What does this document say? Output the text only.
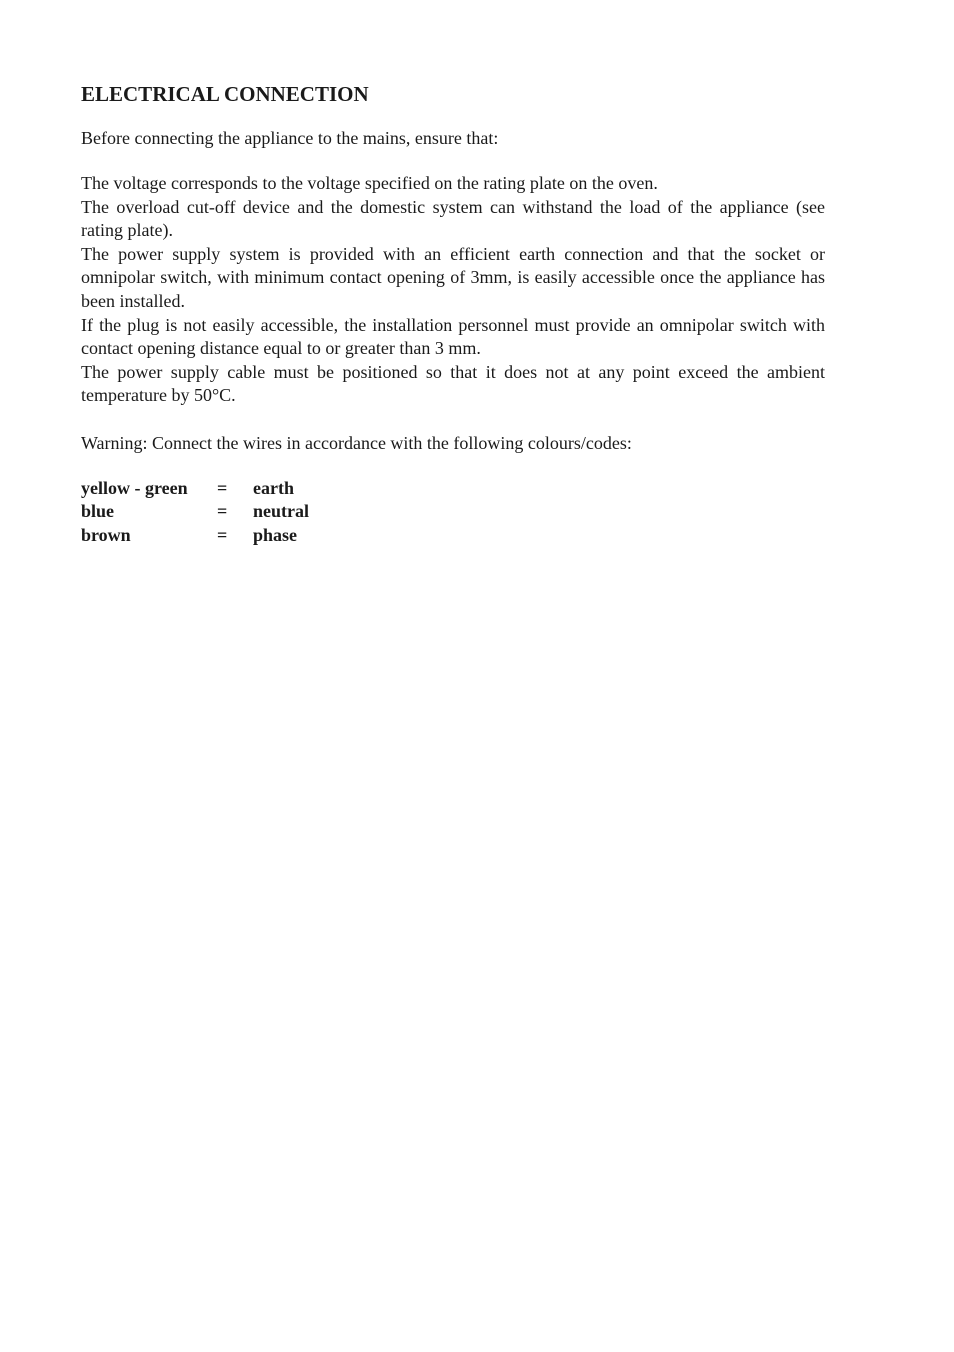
ELECTRICAL CONNECTION

Before connecting the appliance to the mains, ensure that:

The voltage corresponds to the voltage specified on the rating plate on the oven.
The overload cut-off device and the domestic system can withstand the load of the appliance (see rating plate).
The power supply system is provided with an efficient earth connection and that the socket or omnipolar switch, with minimum contact opening of 3mm, is easily accessible once the appliance has been installed.
If the plug is not easily accessible, the installation personnel must provide an omnipolar switch with contact opening distance equal to or greater than 3 mm.
The power supply cable must be positioned so that it does not at any point exceed the ambient temperature by 50°C.

Warning: Connect the wires in accordance with the following colours/codes:

yellow - green	=	earth
blue	=	neutral
brown	=	phase
